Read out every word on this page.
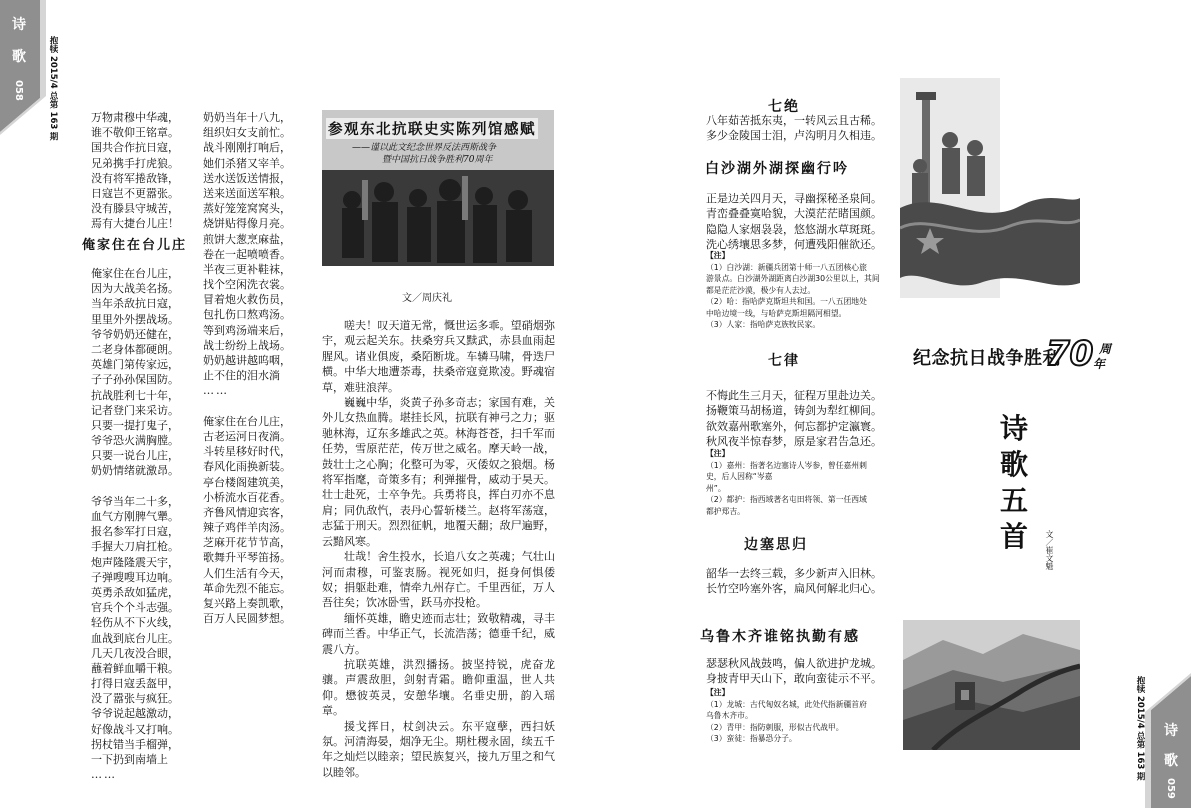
诗
歌
058	抱犊 2015/4 总第 163 期	万物肃穆中华魂，
谁不敬仰王铭章。
国共合作抗日寇，
兄弟携手打虎狼。
没有将军捲敌锋，
日寇岂不更嚣张。
没有滕县守城苦，
焉有大捷台儿庄！
俺家住在台儿庄
俺家住在台儿庄，
因为大战美名扬。
当年杀敌抗日寇，
里里外外摆战场。
爷爷奶奶还健在，
二老身体都硬朗。
英雄门第传家远，
子子孙孙保国防。
抗战胜利七十年，
记者登门来采访。
只要一提打鬼子，
爷爷恐火满胸膛。
只要一说台儿庄，
奶奶情绪就激昂。
爷爷当年二十多，
血气方刚脾气犟。
报名参军打日寇，
手握大刀肩扛枪。
炮声隆隆震天宇，
子弹嗖嗖耳边响。
英勇杀敌如猛虎，
官兵个个斗志强。
轻伤从不下火线，
血战到底台儿庄。
几天几夜没合眼，
蘸着鲜血嚼干粮。
打得日寇丢盔甲，
没了嚣张与疯狂。
爷爷说起越激动，
好像战斗又打响。
拐杖错当手榴弹，
一下扔到南墙上
……
奶奶当年十八九，
组织妇女支前忙。
战斗刚刚打响后，
她们杀猪又宰羊。
送水送饭送情报，
送来送面送军粮。
蒸好笼笼窝窝头，
烧饼贴得像月亮。
煎饼大葱烹麻盐，
卷在一起喷喷香。
半夜三更补鞋袜，
找个空闲洗衣裳。
冒着炮火救伤员，
包扎伤口熬鸡汤。
等到鸡汤端来后，
战士纷纷上战场。
奶奶越讲越呜咽，
止不住的泪水淌
……
俺家住在台儿庄，
古老运河日夜淌。
斗转星移好时代，
春风化雨换新装。
亭台楼阁建筑美，
小桥流水百花香。
齐鲁风情迎宾客，
辣子鸡伴羊肉汤。
芝麻开花节节高，
歌舞升平琴笛扬。
人们生活有今天，
革命先烈不能忘。
复兴路上奏凯歌，
百万人民圆梦想。
参观东北抗联史实陈列馆感赋
——谨以此文纪念世界反法西斯战争
暨中国抗日战争胜利70周年
文／周庆礼

嗟夫！叹天道无常，慨世运多乖。望硝烟弥宇，观云起关东。扶桑穷兵又黩武，赤县血雨起腥风。诸业俱废，桑陌断垅。车辚马啸，骨迭尸横。中华大地遭荼毒，扶桑帝寇竟欺凌。野魂宿草，难驻浪萍。

巍巍中华，炎黄子孙多奇志；家国有难，关外儿女热血腾。堪挂长风，抗联有神弓之力；驱驰林海，辽东多雄武之英。林海苍苍，扫千军而任势，雪原茫茫，传万世之威名。摩天岭一战，鼓壮士之心胸；化整可为零，灭倭奴之狼烟。杨将军指麾，奇策多有；利弹摧骨，威动于昊天。壮士赴死，士卒争先。兵勇将良，挥白刃亦不息肩；同仇敌忾，表丹心誓斩楼兰。赵将军荡寇，志猛于刑天。烈烈征帆，地覆天翻；敌尸遍野，云黯风寒。

壮哉！舍生投水，长追八女之英魂；气壮山河而肃穆，可鉴衷肠。视死如归，挺身何惧倭奴；捐躯赴难，情牵九州存亡。千里西征，万人吾往矣；饮冰卧雪，跃马亦投枪。

缅怀英雄，瞻史迹而志壮；致敬精魂，寻丰碑而兰香。中华正气，长流浩荡；德垂千纪，威震八方。

抗联英雄，洪烈播扬。披坚持锐，虎奋龙骧。声震敌胆，剑射青霜。瞻仰重温，世人共仰。懋彼英灵，安憩华壤。名垂史册，韵入瑶章。

援戈挥日，杖剑决云。东平寇孽，西扫妖氛。河清海晏，烟净无尘。期杜稷永固，续五千年之灿烂以睦亲；望民族复兴，接九万里之和气以睦邻。

七绝
八年茹苦抵东夷，一转风云且古稀。
多少金陵国士泪，卢沟明月久相违。
白沙湖外湖探幽行吟
正是边关四月天，寻幽探秘圣泉间。
青峦叠叠寞哈貌，大漠茫茫睹国颜。
隐隐人家烟袅袅，悠悠湖水草斑斑。
洗心绣壤思多梦，何遭残阳催欲还。
【注】
（1）白沙湖：新疆兵团第十师一八五团核心旅
游景点。白沙湖外湖距离白沙湖30公里以上，其间
都是茫茫沙漠，极少有人去过。
（2）哈：指哈萨克斯坦共和国。一八五团地处
中哈边境一线，与哈萨克斯坦隔河相望。
（3）人家：指哈萨克族牧民家。
七律
不悔此生三月天，征程万里赴边关。
扬鞭策马胡杨道，铸剑为犁红柳间。
欲效嘉州歌塞外，何忘都护定瀛寰。
秋风夜半惊春梦，原是家君告急还。
【注】
（1）嘉州：指著名边塞诗人岑参，曾任嘉州刺
史，后人因称“岑嘉
州”。
（2）都护：指西域著名屯田将领、第一任西域
都护郑吉。
边塞思归
韶华一去终三载，多少新声入旧林。
长竹空吟塞外客，扁风何解北归心。
乌鲁木齐谁铭执勤有感
瑟瑟秋风战鼓鸣，偏人欲进护龙城。
身披青甲天山下，敢向蛮徒示不平。
【注】
（1）龙城：古代匈奴名城，此处代指新疆首府
乌鲁木齐市。
（2）青甲：指防刺服，形似古代战甲。
（3）蛮徒：指暴恐分子。
纪念抗日战争胜利
70 周
年
诗
歌
五
首 文／崔文魁
诗
歌
059
抱犊 2015/4 总第 163 期
